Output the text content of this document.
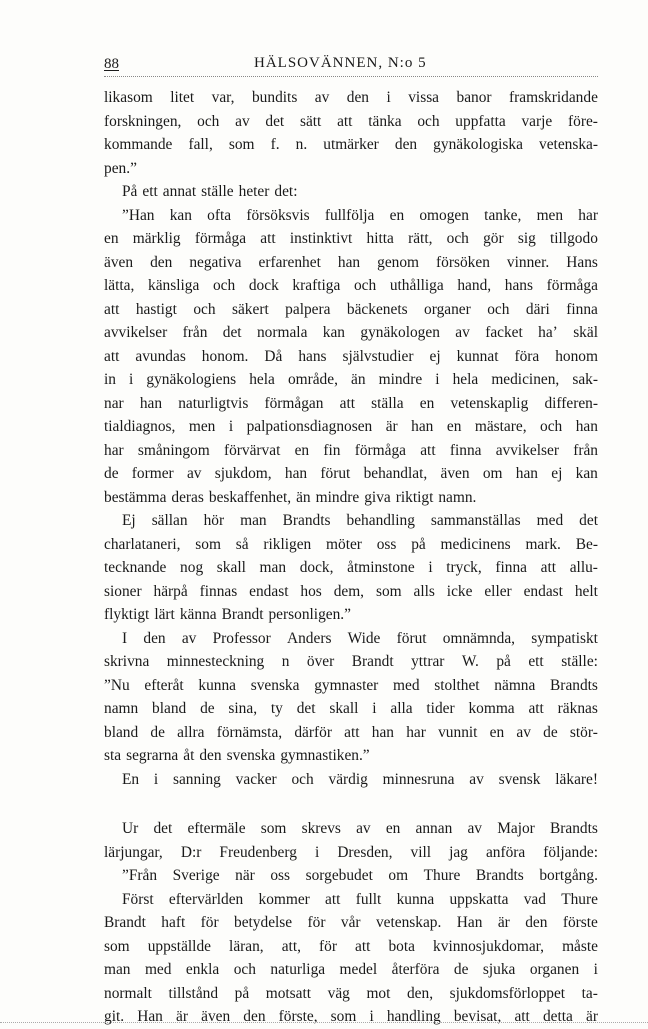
88	HÄLSOVÄNNEN, N:o 5
likasom litet var, bundits av den i vissa banor framskridande
forskningen, och av det sätt att tänka och uppfatta varje före-
kommande fall, som f. n. utmärker den gynäkologiska vetenska-
pen.”
På ett annat ställe heter det:
”Han kan ofta försöksvis fullfölja en omogen tanke, men har
en märklig förmåga att instinktivt hitta rätt, och gör sig tillgodo
även den negativa erfarenhet han genom försöken vinner. Hans
lätta, känsliga och dock kraftiga och uthålliga hand, hans förmåga
att hastigt och säkert palpera bäckenets organer och däri finna
avvikelser från det normala kan gynäkologen av facket ha’ skäl
att avundas honom. Då hans självstudier ej kunnat föra honom
in i gynäkologiens hela område, än mindre i hela medicinen, sak-
nar han naturligtvis förmågan att ställa en vetenskaplig differen-
tialdiagnos, men i palpationsdiagnosen är han en mästare, och han
har småningom förvärvat en fin förmåga att finna avvikelser från
de former av sjukdom, han förut behandlat, även om han ej kan
bestämma deras beskaffenhet, än mindre giva riktigt namn.
Ej sällan hör man Brandts behandling sammanställas med det
charlataneri, som så rikligen möter oss på medicinens mark. Be-
tecknande nog skall man dock, åtminstone i tryck, finna att allu-
sioner härpå finnas endast hos dem, som alls icke eller endast helt
flyktigt lärt känna Brandt personligen.”
I den av Professor Anders Wide förut omnämnda, sympatiskt
skrivna minnesteckning n över Brandt yttrar W. på ett ställe:
”Nu efteråt kunna svenska gymnaster med stolthet nämna Brandts
namn bland de sina, ty det skall i alla tider komma att räknas
bland de allra förnämsta, därför att han har vunnit en av de stör-
sta segrarna åt den svenska gymnastiken.”
En i sanning vacker och värdig minnesruna av svensk läkare!
Ur det eftermäle som skrevs av en annan av Major Brandts
lärjungar, D:r Freudenberg i Dresden, vill jag anföra följande:
”Från Sverige när oss sorgebudet om Thure Brandts bortgång.
Först eftervärlden kommer att fullt kunna uppskatta vad Thure
Brandt haft för betydelse för vår vetenskap. Han är den förste
som uppställde läran, att, för att bota kvinnosjukdomar, måste
man med enkla och naturliga medel återföra de sjuka organen i
normalt tillstånd på motsatt väg mot den, sjukdomsförloppet ta-
git. Han är även den förste, som i handling bevisat, att detta är
